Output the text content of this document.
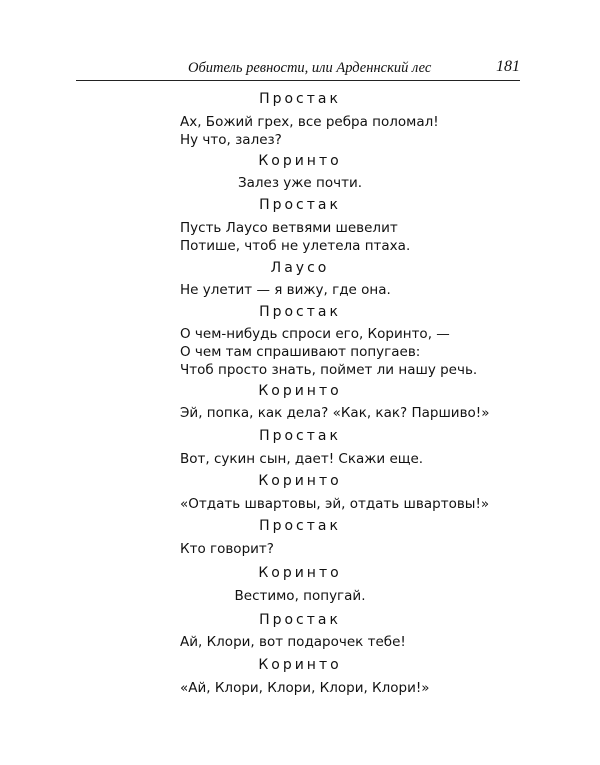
Обитель ревности, или Арденнский лес	181
Простак
Ах, Божий грех, все ребра поломал!
Ну что, залез?
Коринто
Залез уже почти.
Простак
Пусть Лаусо ветвями шевелит
Потише, чтоб не улетела птаха.
Лаусо
Не улетит — я вижу, где она.
Простак
О чем-нибудь спроси его, Коринто, —
О чем там спрашивают попугаев:
Чтоб просто знать, поймет ли нашу речь.
Коринто
Эй, попка, как дела? «Как, как? Паршиво!»
Простак
Вот, сукин сын, дает! Скажи еще.
Коринто
«Отдать швартовы, эй, отдать швартовы!»
Простак
Кто говорит?
Коринто
Вестимо, попугай.
Простак
Ай, Клори, вот подарочек тебе!
Коринто
«Ай, Клори, Клори, Клори, Клори!»
